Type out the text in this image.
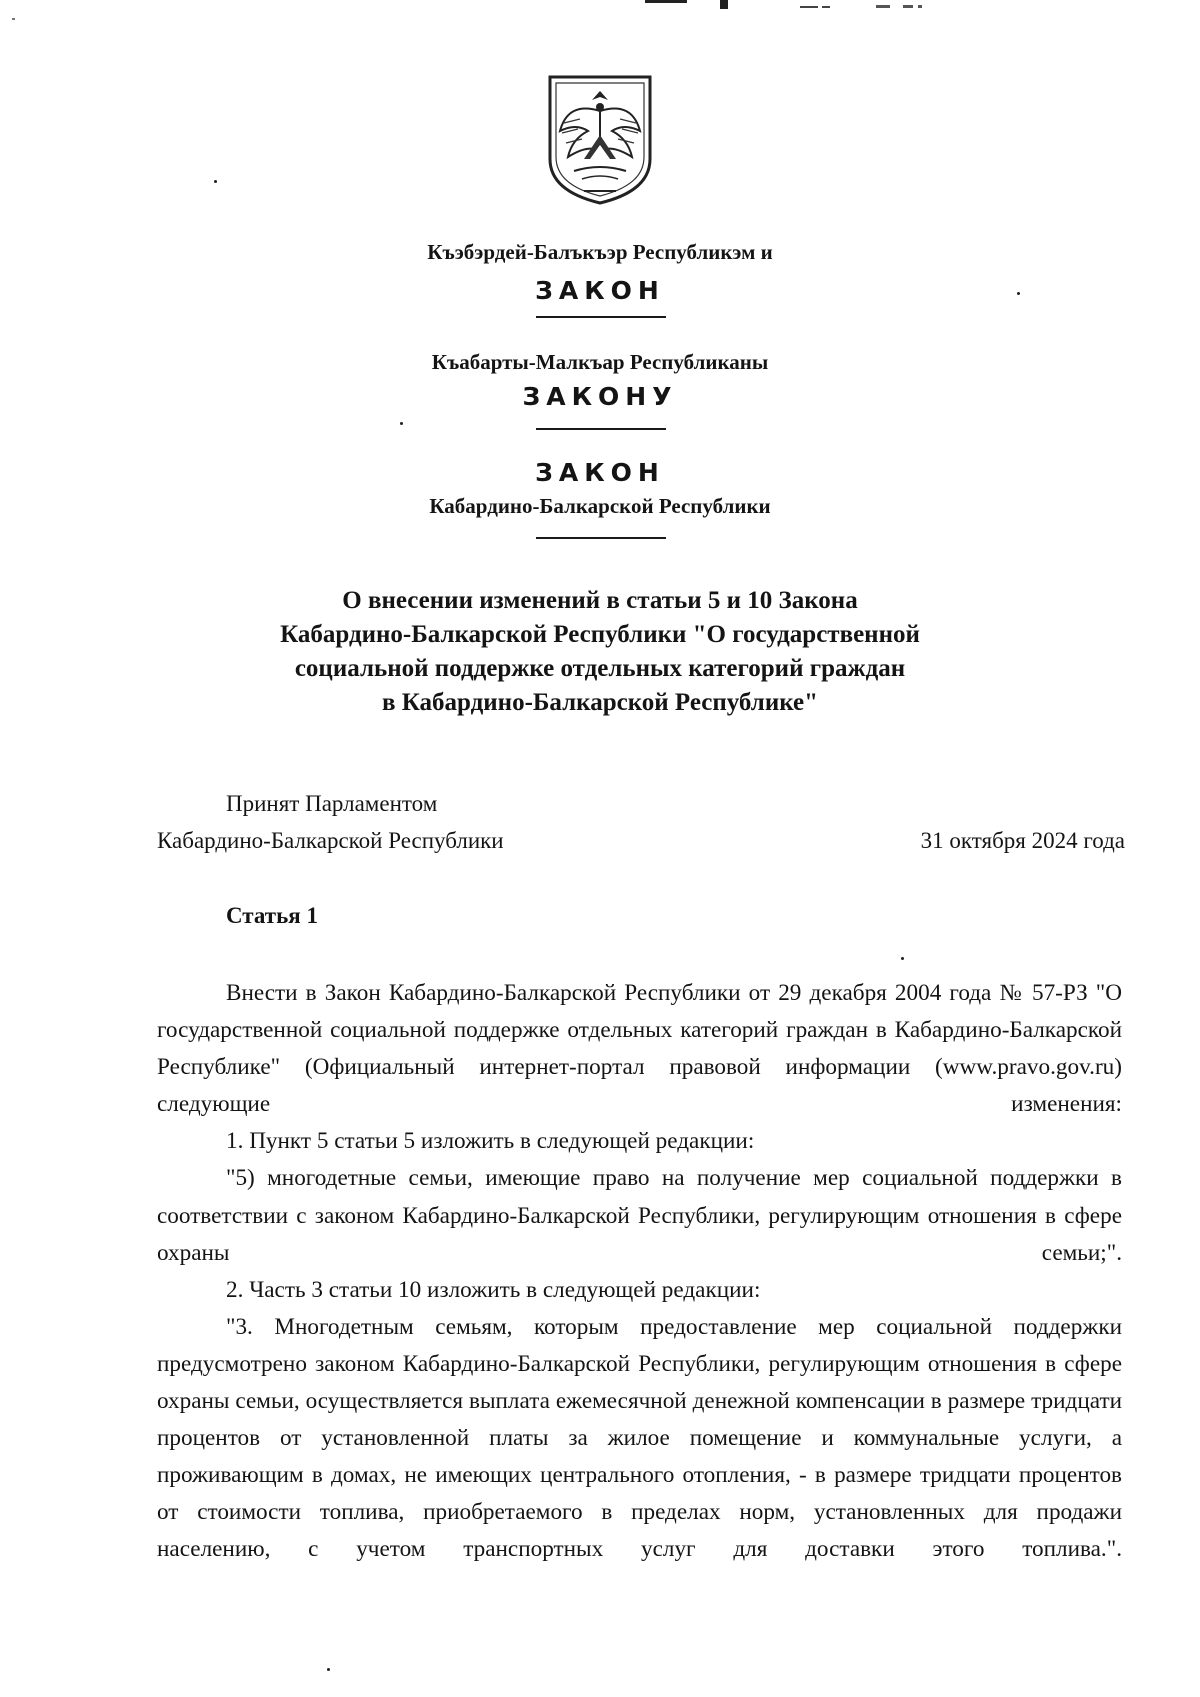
Къэбэрдей-Балъкъэр Республикэм и
ЗАКОН
Къабарты-Малкъар Республиканы
ЗАКОНУ
ЗАКОН
Кабардино-Балкарской Республики
О внесении изменений в статьи 5 и 10 Закона
Кабардино-Балкарской Республики "О государственной
социальной поддержке отдельных категорий граждан
в Кабардино-Балкарской Республике"
Принят Парламентом
Кабардино-Балкарской Республики	31 октября 2024 года
Статья 1

Внести в Закон Кабардино-Балкарской Республики от 29 декабря 2004 года № 57-РЗ "О государственной социальной поддержке отдельных категорий граждан в Кабардино-Балкарской Республике" (Официальный интернет-портал правовой информации (www.pravo.gov.ru) следующие изменения:

1. Пункт 5 статьи 5 изложить в следующей редакции:

"5) многодетные семьи, имеющие право на получение мер социальной поддержки в соответствии с законом Кабардино-Балкарской Республики, регулирующим отношения в сфере охраны семьи;".

2. Часть 3 статьи 10 изложить в следующей редакции:

"3. Многодетным семьям, которым предоставление мер социальной поддержки предусмотрено законом Кабардино-Балкарской Республики, регулирующим отношения в сфере охраны семьи, осуществляется выплата ежемесячной денежной компенсации в размере тридцати процентов от установленной платы за жилое помещение и коммунальные услуги, а проживающим в домах, не имеющих центрального отопления, - в размере тридцати процентов от стоимости топлива, приобретаемого в пределах норм, установленных для продажи населению, с учетом транспортных услуг для доставки этого топлива.".
